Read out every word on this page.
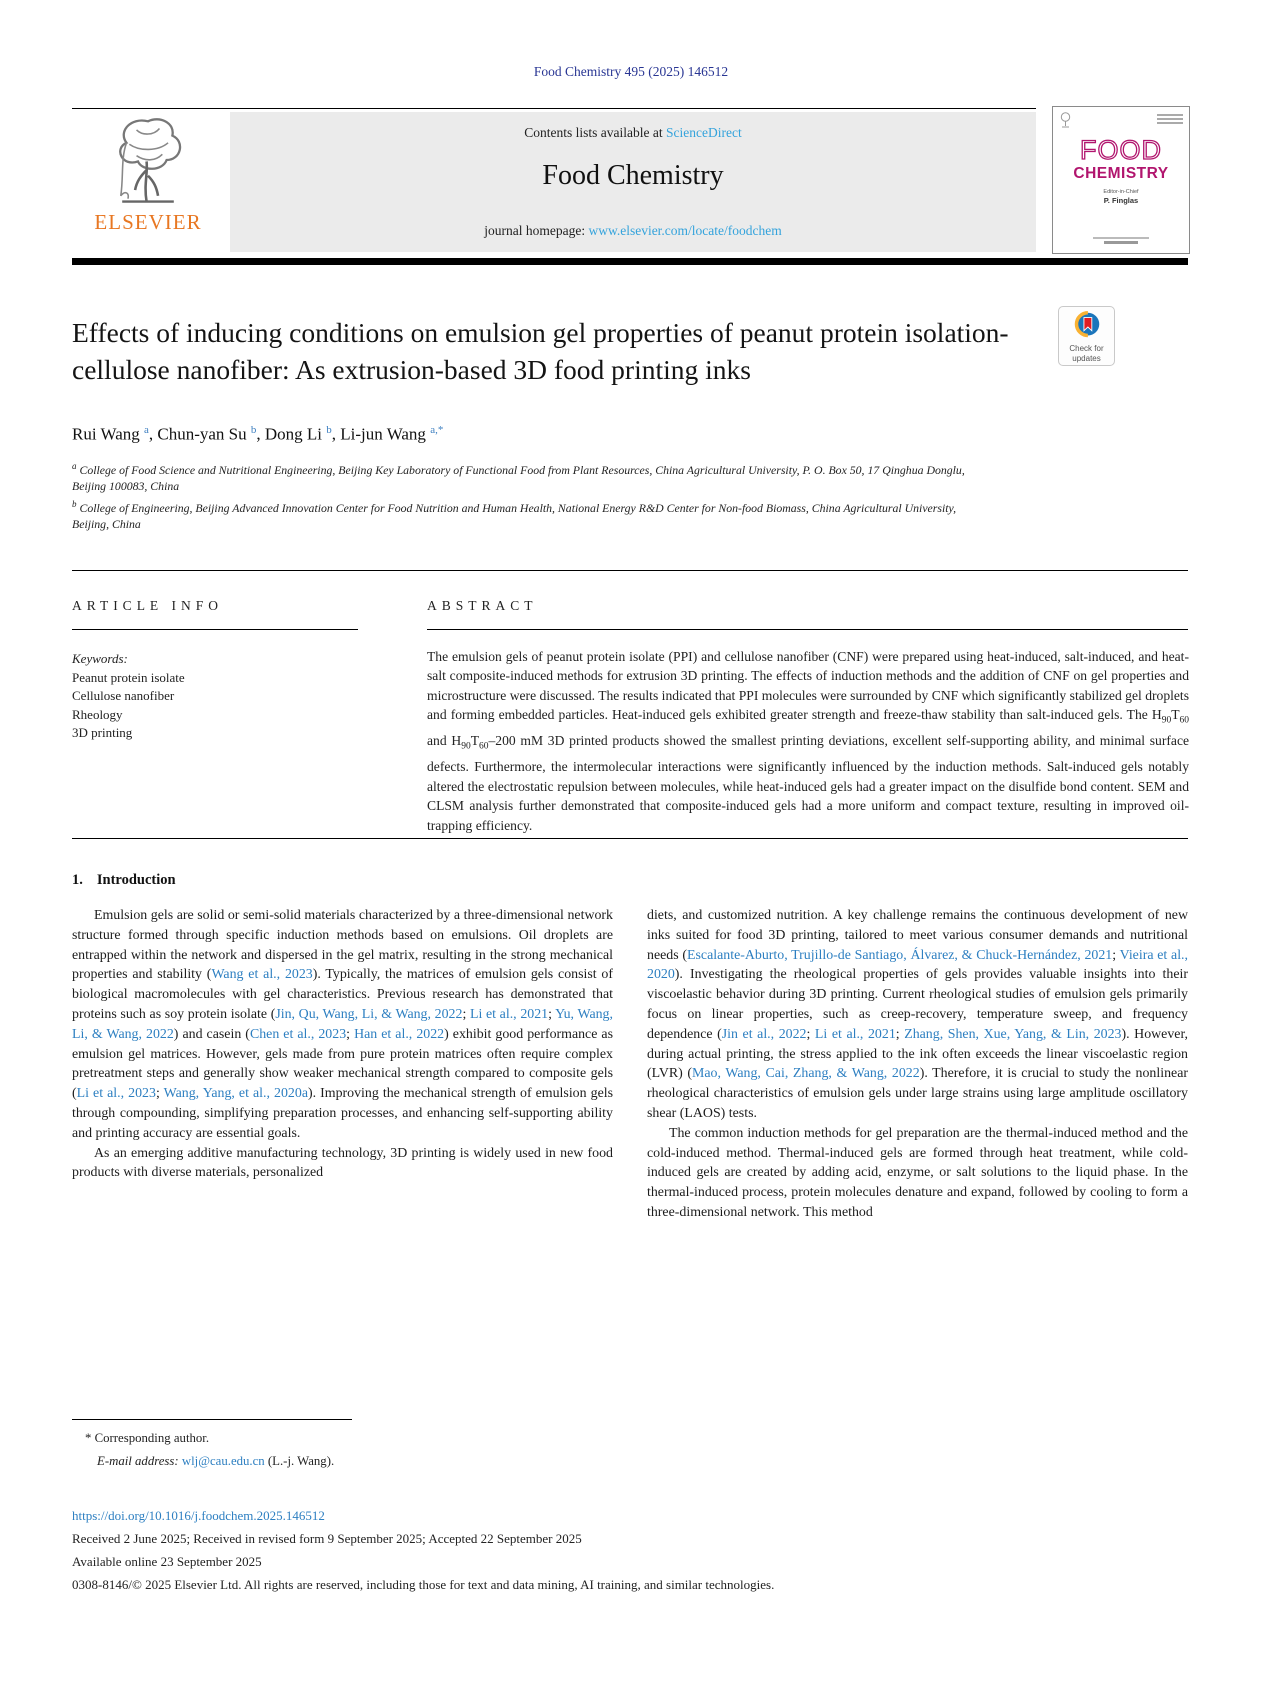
Food Chemistry 495 (2025) 146512
ELSEVIER
Contents lists available at ScienceDirect
Food Chemistry
journal homepage: www.elsevier.com/locate/foodchem
FOOD
CHEMISTRY
Editor-in-Chief
P. Finglas
Check for
updates
Effects of inducing conditions on emulsion gel properties of peanut protein isolation-cellulose nanofiber: As extrusion-based 3D food printing inks
Rui Wang $^a$, Chun-yan Su $^b$, Dong Li $^b$, Li-jun Wang $^{a,*}$

$^a$ College of Food Science and Nutritional Engineering, Beijing Key Laboratory of Functional Food from Plant Resources, China Agricultural University, P. O. Box 50, 17 Qinghua Donglu, Beijing 100083, China

$^b$ College of Engineering, Beijing Advanced Innovation Center for Food Nutrition and Human Health, National Energy R&D Center for Non-food Biomass, China Agricultural University, Beijing, China

ARTICLE INFO	ABSTRACT
Keywords:
Peanut protein isolate
Cellulose nanofiber
Rheology
3D printing
The emulsion gels of peanut protein isolate (PPI) and cellulose nanofiber (CNF) were prepared using heat-induced, salt-induced, and heat-salt composite-induced methods for extrusion 3D printing. The effects of induction methods and the addition of CNF on gel properties and microstructure were discussed. The results indicated that PPI molecules were surrounded by CNF which significantly stabilized gel droplets and forming embedded particles. Heat-induced gels exhibited greater strength and freeze-thaw stability than salt-induced gels. The $H_{90}T_{60}$ and $H_{90}T_{60}-200$ mM 3D printed products showed the smallest printing deviations, excellent self-supporting ability, and minimal surface defects. Furthermore, the intermolecular interactions were significantly influenced by the induction methods. Salt-induced gels notably altered the electrostatic repulsion between molecules, while heat-induced gels had a greater impact on the disulfide bond content. SEM and CLSM analysis further demonstrated that composite-induced gels had a more uniform and compact texture, resulting in improved oil-trapping efficiency.
1. Introduction

Emulsion gels are solid or semi-solid materials characterized by a three-dimensional network structure formed through specific induction methods based on emulsions. Oil droplets are entrapped within the network and dispersed in the gel matrix, resulting in the strong mechanical properties and stability (Wang et al., 2023). Typically, the matrices of emulsion gels consist of biological macromolecules with gel characteristics. Previous research has demonstrated that proteins such as soy protein isolate (Jin, Qu, Wang, Li, & Wang, 2022; Li et al., 2021; Yu, Wang, Li, & Wang, 2022) and casein (Chen et al., 2023; Han et al., 2022) exhibit good performance as emulsion gel matrices. However, gels made from pure protein matrices often require complex pretreatment steps and generally show weaker mechanical strength compared to composite gels (Li et al., 2023; Wang, Yang, et al., 2020a). Improving the mechanical strength of emulsion gels through compounding, simplifying preparation processes, and enhancing self-supporting ability and printing accuracy are essential goals.

As an emerging additive manufacturing technology, 3D printing is widely used in new food products with diverse materials, personalized

diets, and customized nutrition. A key challenge remains the continuous development of new inks suited for food 3D printing, tailored to meet various consumer demands and nutritional needs (Escalante-Aburto, Trujillo-de Santiago, Álvarez, & Chuck-Hernández, 2021; Vieira et al., 2020). Investigating the rheological properties of gels provides valuable insights into their viscoelastic behavior during 3D printing. Current rheological studies of emulsion gels primarily focus on linear properties, such as creep-recovery, temperature sweep, and frequency dependence (Jin et al., 2022; Li et al., 2021; Zhang, Shen, Xue, Yang, & Lin, 2023). However, during actual printing, the stress applied to the ink often exceeds the linear viscoelastic region (LVR) (Mao, Wang, Cai, Zhang, & Wang, 2022). Therefore, it is crucial to study the nonlinear rheological characteristics of emulsion gels under large strains using large amplitude oscillatory shear (LAOS) tests.

The common induction methods for gel preparation are the thermal-induced method and the cold-induced method. Thermal-induced gels are formed through heat treatment, while cold-induced gels are created by adding acid, enzyme, or salt solutions to the liquid phase. In the thermal-induced process, protein molecules denature and expand, followed by cooling to form a three-dimensional network. This method

* Corresponding author.
E-mail address: wlj@cau.edu.cn (L.-j. Wang).
https://doi.org/10.1016/j.foodchem.2025.146512
Received 2 June 2025; Received in revised form 9 September 2025; Accepted 22 September 2025
Available online 23 September 2025
0308-8146/© 2025 Elsevier Ltd. All rights are reserved, including those for text and data mining, AI training, and similar technologies.
